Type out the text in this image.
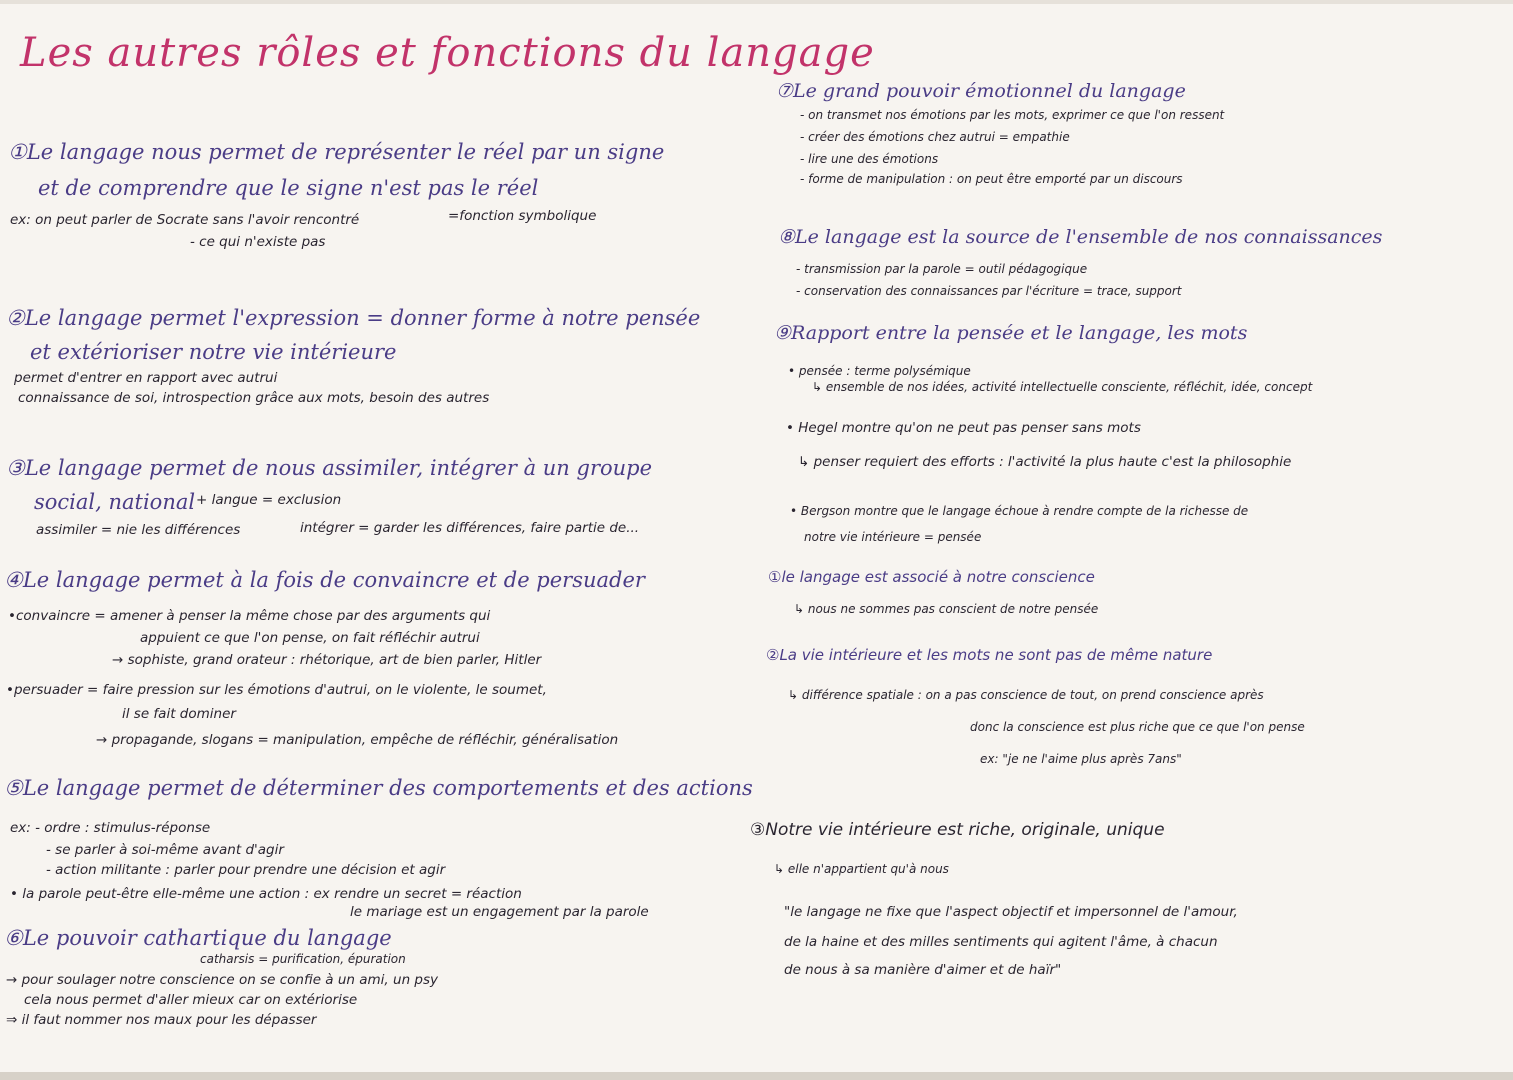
Les autres rôles et fonctions du langage
①Le langage nous permet de représenter le réel par un signe
et de comprendre que le signe n'est pas le réel
ex: on peut parler de Socrate sans l'avoir rencontré	=fonction symbolique
- ce qui n'existe pas
②Le langage permet l'expression = donner forme à notre pensée
et extérioriser notre vie intérieure
permet d'entrer en rapport avec autrui
connaissance de soi, introspection grâce aux mots, besoin des autres
③Le langage permet de nous assimiler, intégrer à un groupe
social, national + langue = exclusion
assimiler = nie les différences	intégrer = garder les différences, faire partie de...
④Le langage permet à la fois de convaincre et de persuader
•convaincre = amener à penser la même chose par des arguments qui
appuient ce que l'on pense, on fait réfléchir autrui
→ sophiste, grand orateur : rhétorique, art de bien parler, Hitler
•persuader = faire pression sur les émotions d'autrui, on le violente, le soumet,
il se fait dominer
→ propagande, slogans = manipulation, empêche de réfléchir, généralisation
⑤Le langage permet de déterminer des comportements et des actions
ex: - ordre : stimulus-réponse
- se parler à soi-même avant d'agir
- action militante : parler pour prendre une décision et agir
• la parole peut-être elle-même une action : ex rendre un secret = réaction
le mariage est un engagement par la parole
⑥Le pouvoir cathartique du langage
catharsis = purification, épuration
→ pour soulager notre conscience on se confie à un ami, un psy
cela nous permet d'aller mieux car on extériorise
⇒ il faut nommer nos maux pour les dépasser
⑦Le grand pouvoir émotionnel du langage
- on transmet nos émotions par les mots, exprimer ce que l'on ressent
- créer des émotions chez autrui = empathie
- lire une des émotions
- forme de manipulation : on peut être emporté par un discours
⑧Le langage est la source de l'ensemble de nos connaissances
- transmission par la parole = outil pédagogique
- conservation des connaissances par l'écriture = trace, support
⑨Rapport entre la pensée et le langage, les mots
• pensée : terme polysémique
↳ ensemble de nos idées, activité intellectuelle consciente, réfléchit, idée, concept
• Hegel montre qu'on ne peut pas penser sans mots
↳ penser requiert des efforts : l'activité la plus haute c'est la philosophie
• Bergson montre que le langage échoue à rendre compte de la richesse de
notre vie intérieure = pensée
①le langage est associé à notre conscience
↳ nous ne sommes pas conscient de notre pensée
②La vie intérieure et les mots ne sont pas de même nature
↳ différence spatiale : on a pas conscience de tout, on prend conscience après
donc la conscience est plus riche que ce que l'on pense
ex: "je ne l'aime plus après 7ans"
③Notre vie intérieure est riche, originale, unique
↳ elle n'appartient qu'à nous
"le langage ne fixe que l'aspect objectif et impersonnel de l'amour,
de la haine et des milles sentiments qui agitent l'âme, à chacun
de nous à sa manière d'aimer et de haïr"
